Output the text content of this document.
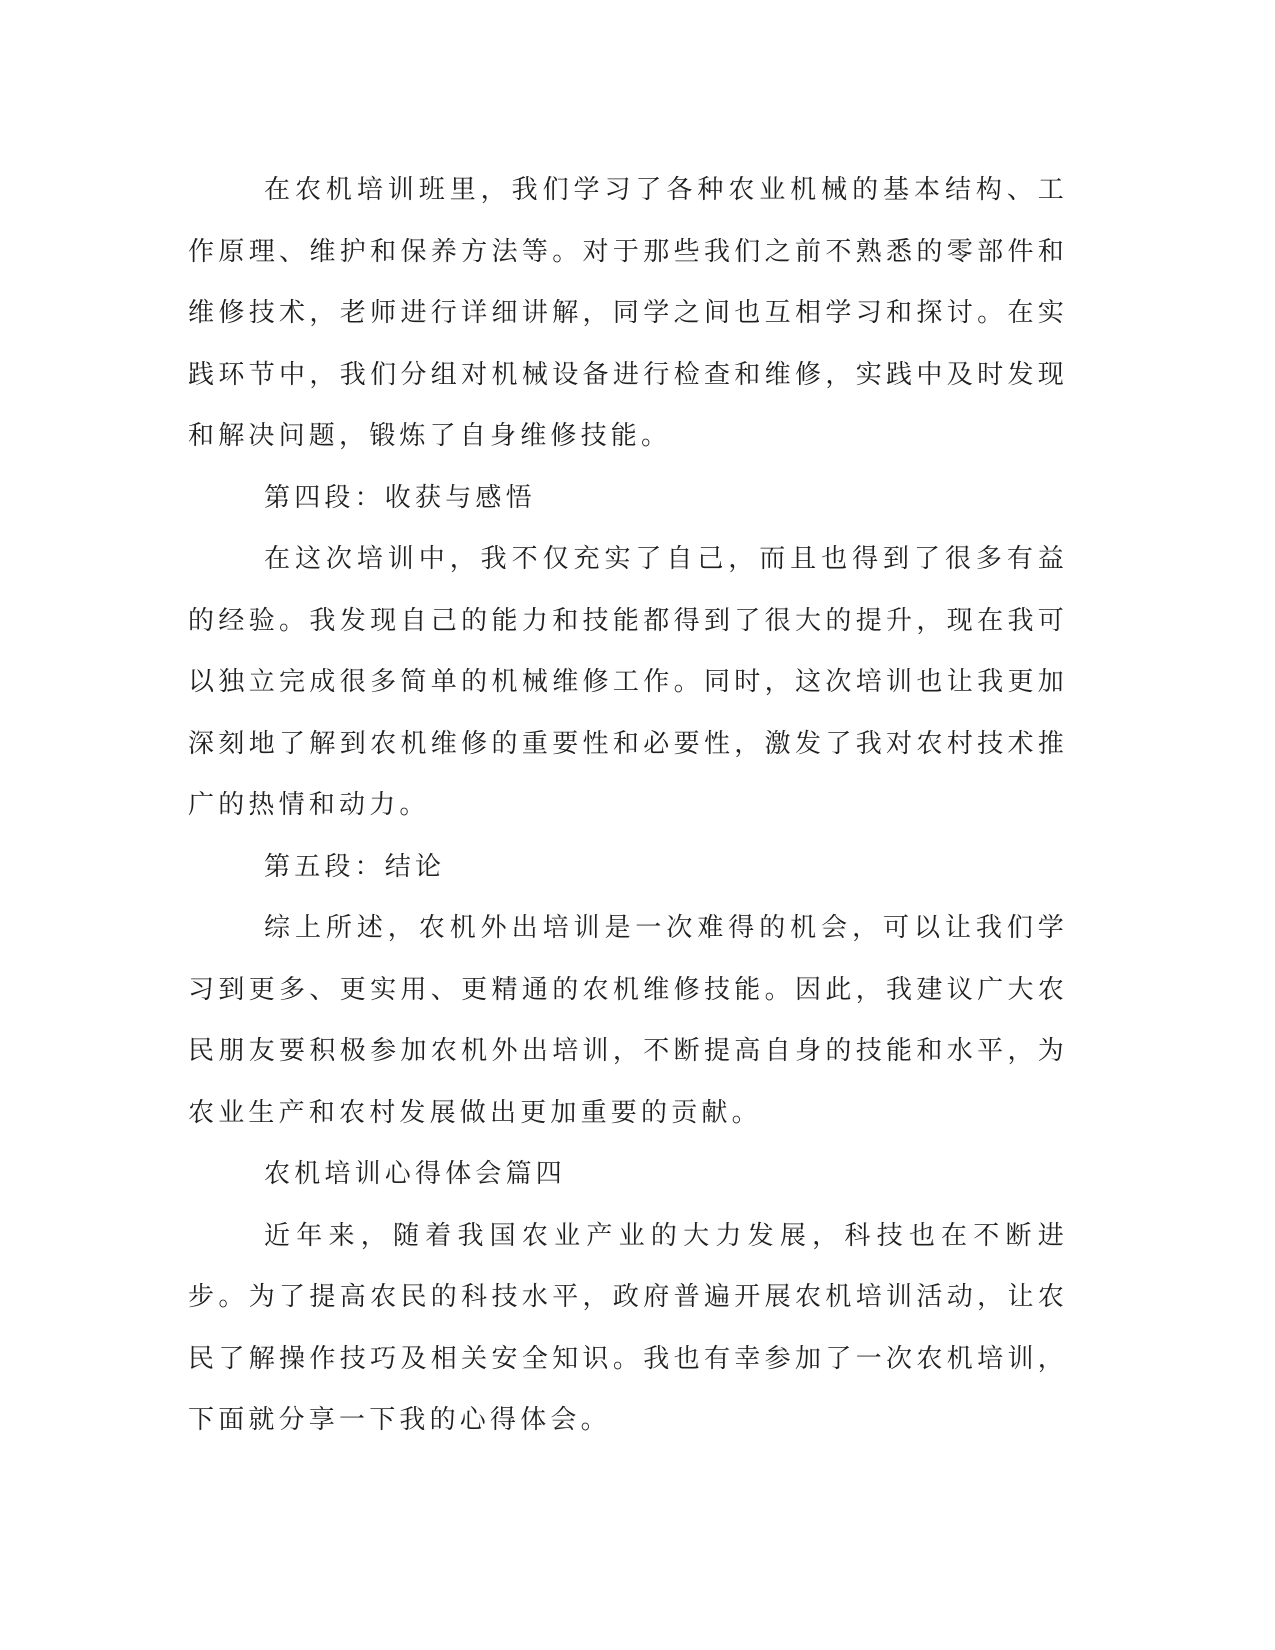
在农机培训班里，我们学习了各种农业机械的基本结构、工作原理、维护和保养方法等。对于那些我们之前不熟悉的零部件和维修技术，老师进行详细讲解，同学之间也互相学习和探讨。在实践环节中，我们分组对机械设备进行检查和维修，实践中及时发现和解决问题，锻炼了自身维修技能。

第四段：收获与感悟

在这次培训中，我不仅充实了自己，而且也得到了很多有益的经验。我发现自己的能力和技能都得到了很大的提升，现在我可以独立完成很多简单的机械维修工作。同时，这次培训也让我更加深刻地了解到农机维修的重要性和必要性，激发了我对农村技术推广的热情和动力。

第五段：结论

综上所述，农机外出培训是一次难得的机会，可以让我们学习到更多、更实用、更精通的农机维修技能。因此，我建议广大农民朋友要积极参加农机外出培训，不断提高自身的技能和水平，为农业生产和农村发展做出更加重要的贡献。

农机培训心得体会篇四

近年来，随着我国农业产业的大力发展，科技也在不断进步。为了提高农民的科技水平，政府普遍开展农机培训活动，让农民了解操作技巧及相关安全知识。我也有幸参加了一次农机培训，下面就分享一下我的心得体会。
